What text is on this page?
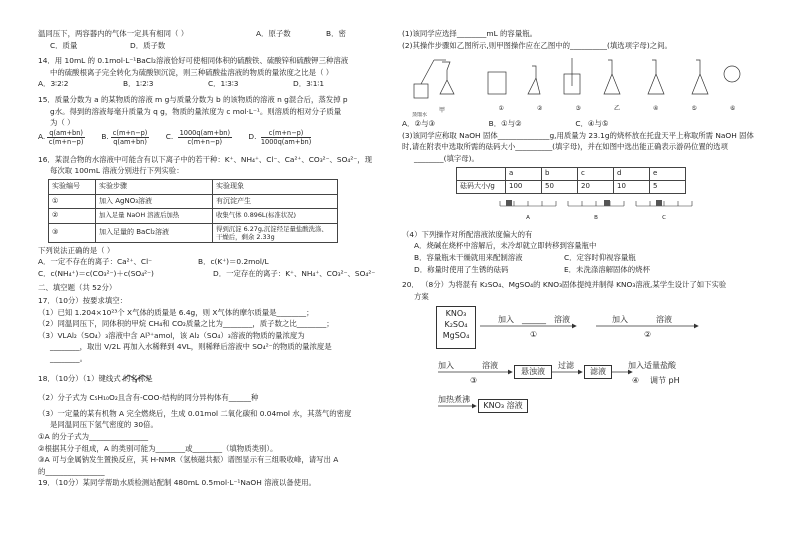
温同压下，两容器内的气体一定具有相同（ ）	A．原子数	B．密
C．质量	D．质子数
14．用 10mL 的 0.1mol·L⁻¹BaCl₂溶液恰好可使相同体积的硫酸铁、硫酸锌和硫酸钾三种溶液
中的硫酸根离子完全转化为硫酸钡沉淀，则三种硫酸盐溶液的物质的量浓度之比是（ ）
A．3∶2∶2	B．1∶2∶3	C．1∶3∶3	D．3∶1∶1
15．质量分数为 a 的某物质的溶液 m g与质量分数为 b 的该物质的溶液 n g混合后，蒸发掉 p
g水。得到的溶液每毫升质量为 q g，物质的量浓度为 c mol·L⁻¹。则溶质的相对分子质量
为（ ）
A. $\frac{q(am+bn)}{c(m+n-p)} B$. $\frac{c(m+n-p)}{q(am+bn)} C$. $\frac{1000q(am+bn)}{c(m+n-p)} D$. $\frac{c(m+n-p)}{1000q(am+bn)}$
16．某混合物的水溶液中可能含有以下离子中的若干种：K⁺、NH₄⁺、Cl⁻、Ca²⁺、CO₃²⁻、SO₄²⁻，现
每次取 100mL 溶液分别进行下列实验：
实验编号	实验步骤	实验现象
①	加入 AgNO₃溶液	有沉淀产生
②	加入足量 NaOH 溶液后加热	收集气体 0.896L(标准状况)
③	加入足量的 BaCl₂溶液	得到沉淀 6.27g,沉淀经足量盐酸洗涤、干燥后，剩余 2.33g
下列说法正确的是（ ）
A．一定不存在的离子：Ca²⁺、Cl⁻	B．c(K⁺)＝0.2mol/L
C．c(NH₄⁺)＝c(CO₃²⁻)＋c(SO₄²⁻)	D．一定存在的离子：K⁺、NH₄⁺、CO₃²⁻、SO₄²⁻
二、填空题（共 52分）
17．（10分）按要求填空：
（1）已知 1.204×10²³个 X气体的质量是 6.4g，则 X气体的摩尔质量是________；
（2）同温同压下，同体积的甲烷 CH₄和 CO₂质量之比为________，质子数之比________；
（3）VLAl₂（SO₄）₃溶液中含 Al³⁺amol，该 Al₂（SO₄）₃溶液的物质的量浓度为
________，取出 V/2L 再加入水稀释到 4VL，则稀释后溶液中 SO₄²⁻的物质的量浓度是
________。
18．（10分）（1）键线式 的名称是
（2）分子式为 C₅H₁₀O₂且含有-COO-结构的同分异构体有______种
（3）一定量的某有机物 A 完全燃烧后，生成 0.01mol 二氧化碳和 0.04mol 水，其蒸气的密度
是同温同压下氢气密度的 30倍。
①A 的分子式为________________
②根据其分子组成，A 的类别可能为________或________（填物质类别）。
③A 可与金属钠发生置换反应，其 H-NMR（氢核磁共振）谱图显示有三组吸收峰，请写出 A
的________________
19．（10分）某同学帮助水质检测站配制 480mL 0.5mol·L⁻¹NaOH 溶液以备使用。
(1)该同学应选择________mL 的容量瓶。
(2)其操作步骤如乙图所示,则甲图操作应在乙图中的__________(填选项字母)之间。
甲	①	②	③	乙	④	⑤	⑥
蒸馏水
A．②与③	B．①与②	C．④与⑤
(3)该同学应称取 NaOH 固体______________g,用质量为 23.1g的烧杯放在托盘天平上称取所需 NaOH 固体
时,请在附表中选取所需的砝码大小__________(填字母)，并在如图中选出能正确表示游码位置的选项
________(填字母)。
	a	b	c	d	e
砝码大小/g	100	50	20	10	5
A	B	C
（4）下列操作对所配溶液浓度偏大的有
A．烧碱在烧杯中溶解后，未冷却就立即转移到容量瓶中
B．容量瓶未干燥就用来配制溶液	C．定容时仰视容量瓶
D．称量时使用了生锈的砝码	E．未洗涤溶解固体的烧杯
20． （8分）为将混有 K₂SO₄、MgSO₄的 KNO₃固体提纯并制得 KNO₃溶液,某学生设计了如下实验
方案
KNO₃
K₂SO₄
MgSO₄
加入 ______ 溶液
①
加入　	溶液
②
加入　	溶液
③
悬浊液
过滤
滤液
加入适量盐酸
④ 调节 pH
加热煮沸
KNO₃ 溶液
